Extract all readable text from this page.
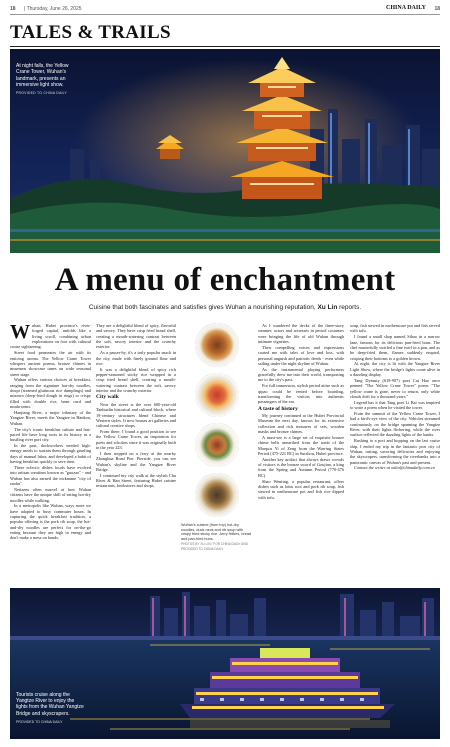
18 | Thursday, June 26, 2025	CHINA DAILY 18
TALES & TRAILS
At night falls, the Yellow Crane Tower, Wuhan's landmark, presents an immersive light show.
PROVIDED TO CHINA DAILY
A menu of enchantment
Cuisine that both fascinates and satisfies gives Wuhan a nourishing reputation, Xu Lin reports.
W uhan, Hubei province's river-forged capital, unfolds like a living scroll, combining urban explorations on foot with cultural cruise sightseeing.

Street food permeates the air with its enticing aroma. The Yellow Crane Tower whispers ancient poems, bronze chimes in museums showcase tunes on wide seasonal street stage.

Wuhan offers various choices of breakfast, ranging from the signature hot-dry noodles, doupi (steamed glutinous rice dumplings) and mianwo (deep-fried dough in rings) to crispy filled with double rice, bean curd and mushrooms.

Hanjiang River, a major tributary of the Yangtze River, meets the Yangtze in Hankou, Wuhan.

The city's iconic breakfast culture and fast-paced life have long roots in its history as a bustling river port city.

In the past, dockworkers needed high-energy meals to sustain them through grueling days of manual labor, and developed a habit of having breakfast quickly to save time.

These eclectic dishes locals have evolved into artisan creations known as "guozao" - and Wuhan has also earned the nickname "city of zaohu".

Netizens often marvel at how Wuhan citizens have the unique skill of eating hot-dry noodles while walking.

In a metropolis like Wuhan, ways more we have adapted to busy commuter hours. In capturing the quick breakfast tradition, a popular offering is the pork rib soup, the hot-and-dry noodles are perfect for on-the-go eating because they are high in energy and don't make a mess on hands.

They are a delightful blend of spicy, flavorful and savory. They have crisp fried bread shell, creating a mouth-watering contrast between the soft, savory interior and the crunchy exterior.

As a passer-by, it's a truly popular snack in the city, made with finely ground flour and rice.

It was a delightful blend of spicy rich pepper-seasoned sticky rice wrapped in a crisp fried bread shell, creating a mouth-watering contrast between the soft, savory interior and the crunchy exterior.

City walk

Near the street is the over 600-year-old Tanhualin historical and cultural block, where 19-century structures blend Chinese and Western styles. It now houses art galleries and cultural creative shops.

From there, I found a good position to see the Yellow Crane Tower, an inspiration for poets and scholars since it was originally built in the year 223.

I then stepped on a ferry at the nearby Zhonghua Road Pier. Pierside, you can see Wuhan's skyline and the Yangtze River Bridge.

I continued my city walk at the stylish Chu River & Han Street, featuring Hubei cuisine restaurants, bookstores and shops.

Wuhan's cuisine (from top) hot-dry noodles, duck neck and rib soup with crispy fried sticky rice. Jerry fritters, bread and pan-fried buns.
PHOTOS BY XU LIN / FOR CHINA DAILY AND PROVIDED TO CHINA DAILY

As I wandered the decks of the three-story steamer, actors and actresses in period costumes were bringing the life of old Wuhan through intimate vignettes.

Their compelling voices and expressions coated me with tales of love and loss, with personal anguish and patriotic deeds - even while sailing under the night skyline of Wuhan.

As the instrumental playing performers gracefully drew me into their world, transporting me to the city's past.

For full immersion, stylish period attire such as qipao could be rented before boarding, transforming the visitors into authentic passengers of the era.

A taste of history

My journey continued at the Hubei Provincial Museum the next day, known for its extensive collection and rich treasures of sets, wooden masks and bronze chimes.

A must-see is a large set of exquisite bronze chime bells unearthed from the tomb of the Marquis Yi of Zeng from the Warring States Period (475-221 BC) in Suizhou, Hubei province.

Another key artifact that always draws crowds of visitors is the bronze sword of Goujian, a king from the Spring and Autumn Period (770-476 BC).

Shao Wenting, a popular restaurant, offers dishes such as lotus root and pork rib soup, fish stewed in earthenware pot and fish rice dipped with tofu.

soup, fish stewed in earthenware pot and fish served with tofu.

I found a small shop named Sihao in a narrow lane, famous for its delicious pan-fried buns. The chef masterfully swirled a fine twirl in a pan, and as he deep-fried them, flames suddenly erupted, crisping their bottoms to a golden brown.

At night, the city is lit with the Yangtze River Light Show, where the bridge's lights come alive in a dazzling display.

Tang Dynasty (618-907) poet Cui Hao once penned "The Yellow Crane Tower" poem: "The yellow crane is gone, never to return, only white clouds drift for a thousand years."

Legend has it that Tang poet Li Bai was inspired to write a poem when he visited the tower.

From the summit of the Yellow Crane Tower, I had a bird's-eye view of the city. Vehicles streamed continuously on the bridge spanning the Yangtze River, with their lights flickering, while the river surface reflected the dazzling lights of the banks.

Rushing to a port and hopping on the last cruise ship, I ended my trip in the fantastic port city of Wuhan, tasting, savoring delicacies and enjoying the skyscrapers, transforming the riverbanks into a panoramic canvas of Wuhan's past and present.

Contact the writer at xulin@chinadaily.com.cn

Tourists cruise along the Yangtze River to enjoy the lights from the Wuhan Yangtze Bridge and skyscrapers.
PROVIDED TO CHINA DAILY
